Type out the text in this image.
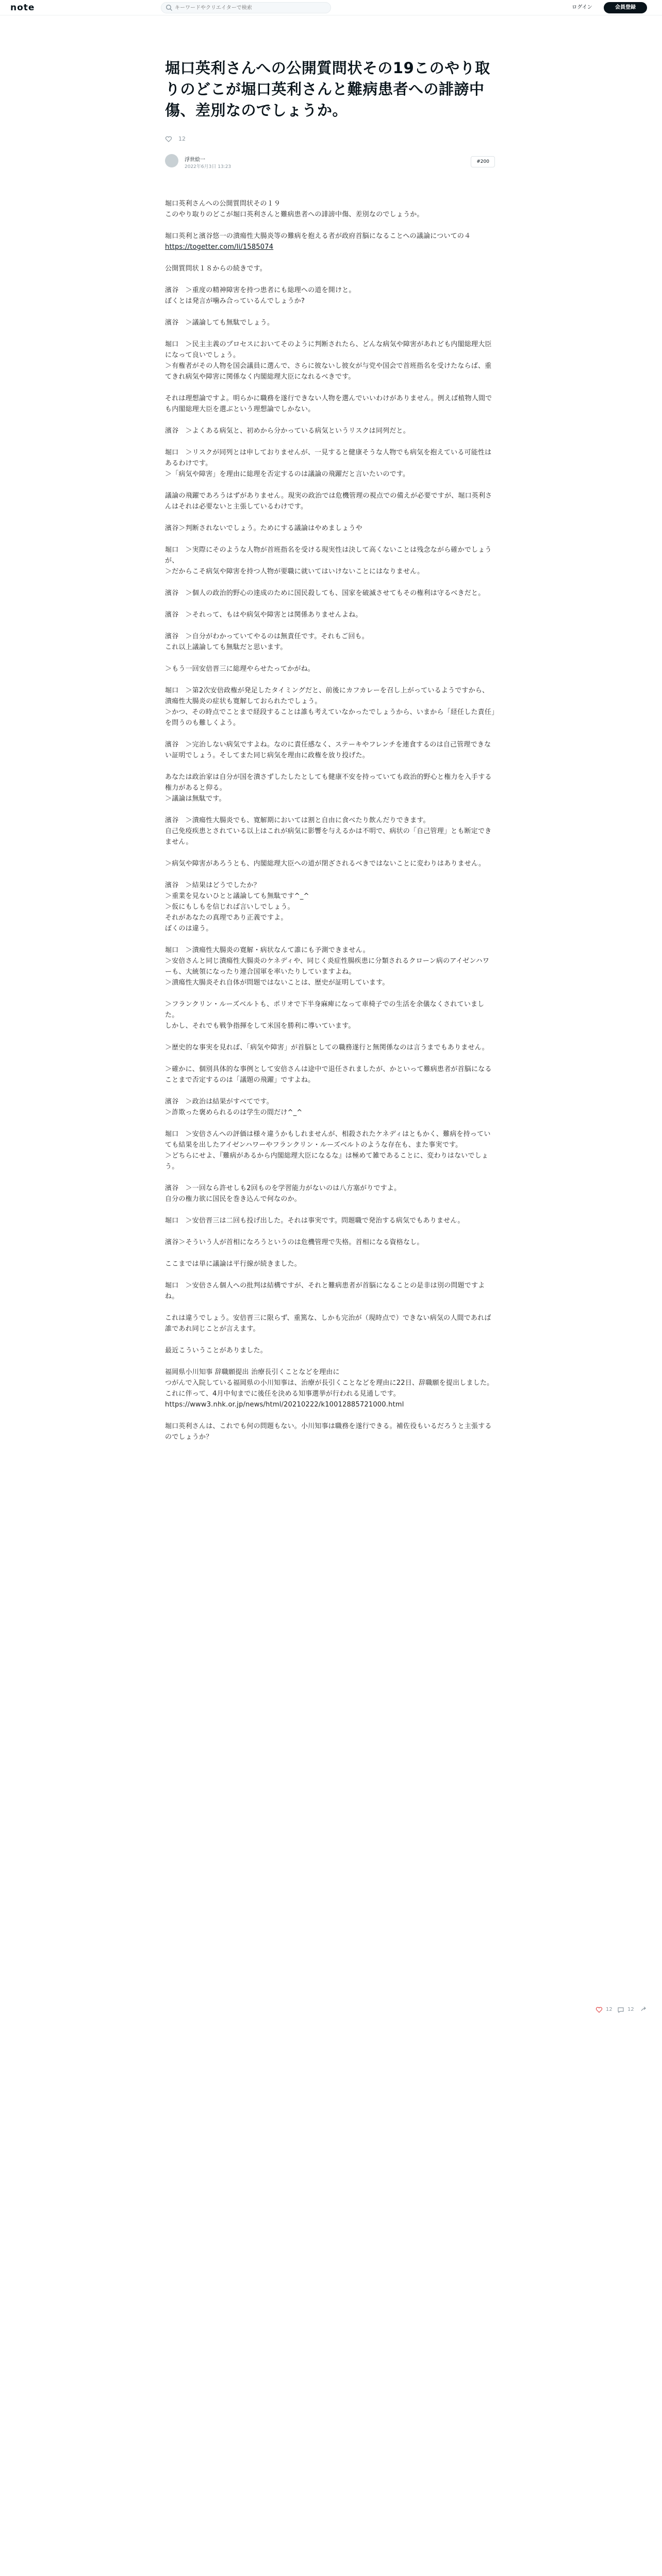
note
キーワードやクリエイターで検索	ログイン	会員登録
堀口英利さんへの公開質問状その19このやり取りのどこが堀口英利さんと難病患者への誹謗中傷、差別なのでしょうか。
12
浮世絵一
2022年6月3日 13:23
#200

堀口英利さんへの公開質問状その１９
このやり取りのどこが堀口英利さんと難病患者への誹謗中傷、差別なのでしょうか。

堀口英利と濱谷悠一の潰瘍性大腸炎等の難病を抱える者が政府首脳になることへの議論についての４
https://togetter.com/li/1585074

公開質問状１８からの続きです。

濱谷　＞重度の精神障害を持つ患者にも総理への道を開けと。
ぼくとは発言が噛み合っているんでしょうか?

濱谷　＞議論しても無駄でしょう。

堀口　＞民主主義のプロセスにおいてそのように判断されたら、どんな病気や障害があれども内閣総理大臣になって良いでしょう。
＞有権者がその人物を国会議員に選んで、さらに彼ないし彼女が与党や国会で首班指名を受けたならば、重てきれ病気や障害に関係なく内閣総理大臣になれるべきです。

それは理想論ですよ。明らかに職務を遂行できない人物を選んでいいわけがありません。例えば植物人間でも内閣総理大臣を選ぶという理想論でしかない。

濱谷　＞よくある病気と、初めから分かっている病気というリスクは同列だと。

堀口　＞リスクが同列とは申しておりませんが、一見すると健康そうな人物でも病気を抱えている可能性はあるわけです。
＞「病気や障害」を理由に総理を否定するのは議論の飛躍だと言いたいのです。

議論の飛躍であろうはずがありません。現実の政治では危機管理の視点での備えが必要ですが、堀口英利さんはそれは必要ないと主張しているわけです。

濱谷＞判断されないでしょう。ためにする議論はやめましょうや

堀口　＞実際にそのような人物が首班指名を受ける現実性は決して高くないことは残念ながら確かでしょうが、
＞だからこそ病気や障害を持つ人物が要職に就いてはいけないことにはなりません。

濱谷　＞個人の政治的野心の達成のために国民殺しても、国家を破滅させてもその権利は守るべきだと。

濱谷　＞それって、もはや病気や障害とは関係ありませんよね。

濱谷　＞自分がわかっていてやるのは無責任です。それもご回も。
これ以上議論しても無駄だと思います。

＞もう一回安倍晋三に総理やらせたってかがね。

堀口　＞第2次安倍政権が発足したタイミングだと、前後にカフカレーを召し上がっているようですから、潰瘍性大腸炎の症状も寛解しておられたでしょう。
＞かつ、その時点でことまで経段することは誰も考えていなかったでしょうから、いまから「経任した責任」を問うのも難しくよう。

濱谷　＞完治しない病気ですよね。なのに責任感なく、ステーキやフレンチを連食するのは自己管理できない証明でしょう。そしてまた同じ病気を理由に政権を放り投げた。

あなたは政治家は自分が国を潰さずしたしたとしても健康不安を持っていても政治的野心と権力を入手する権力があると仰る。
＞議論は無駄です。

濱谷　＞潰瘍性大腸炎でも、寛解期においては割と自由に食べたり飲んだりできます。
自己免疫疾患とされている以上はこれが病気に影響を与えるかは不明で、病状の「自己管理」とも断定できません。

＞病気や障害があろうとも、内閣総理大臣への道が閉ざされるべきではないことに変わりはありません。

濱谷　＞結果はどうでしたか？
＞重業を見ないひとと議論しても無駄です^_^
＞仮にもしもを信じれば言いしでしょう。
それがあなたの真理であり正義ですよ。
ぼくのは違う。

堀口　＞潰瘍性大腸炎の寛解・病状なんて誰にも予測できません。
＞安倍さんと同じ潰瘍性大腸炎のケネディや、同じく炎症性腸疾患に分類されるクローン病のアイゼンハワーも、大統領になったり連合国軍を率いたりしていますよね。
＞潰瘍性大腸炎それ自体が問題ではないことは、歴史が証明しています。

＞フランクリン・ルーズベルトも、ポリオで下半身麻痺になって車椅子での生活を余儀なくされていました。
しかし、それでも戦争指揮をして米国を勝利に導いています。

＞歴史的な事実を見れば、「病気や障害」が首脳としての職務遂行と無関係なのは言うまでもありません。

＞確かに、個別具体的な事例として安倍さんは途中で退任されましたが、かといって難病患者が首脳になることまで否定するのは「議題の飛躍」ですよね。

濱谷　＞政治は結果がすべてです。
＞詐欺った褒められるのは学生の間だけ^_^

堀口　＞安倍さんへの評価は様々違うかもしれませんが、相殺されたケネディはともかく、難病を持っていても結果を出したアイゼンハワーやフランクリン・ルーズベルトのような存在も、また事実です。
＞どちらにせよ、『難病があるから内閣総理大臣になるな』は極めて雑であることに、変わりはないでしょう。

濱谷　＞一回なら許せしも2回ものを学習能力がないのは八方塞がりですよ。
自分の権力欲に国民を巻き込んで何なのか。

堀口　＞安倍晋三は二回も投げ出した。それは事実です。問題職で発治する病気でもありません。

濱谷＞そういう人が首相になろうというのは危機管理で失格。首相になる資格なし。

ここまでは単に議論は平行線が続きました。

堀口　＞安倍さん個人への批判は結構ですが、それと難病患者が首脳になることの是非は別の問題ですよね。

これは違うでしょう。安倍晋三に限らず、重篤な、しかも完治が（現時点で）できない病気の人間であれば誰であれ同じことが言えます。

最近こういうことがありました。

福岡県小川知事 辞職願提出 治療長引くことなどを理由に
つがんで入院している福岡県の小川知事は、治療が長引くことなどを理由に22日、辞職願を提出しました。これに伴って、4月中旬までに後任を決める知事選挙が行われる見通しです。
https://www3.nhk.or.jp/news/html/20210222/k10012885721000.html

堀口英利さんは、これでも何の問題もない。小川知事は職務を遂行できる。補佐役もいるだろうと主張するのでしょうか？

12	12
